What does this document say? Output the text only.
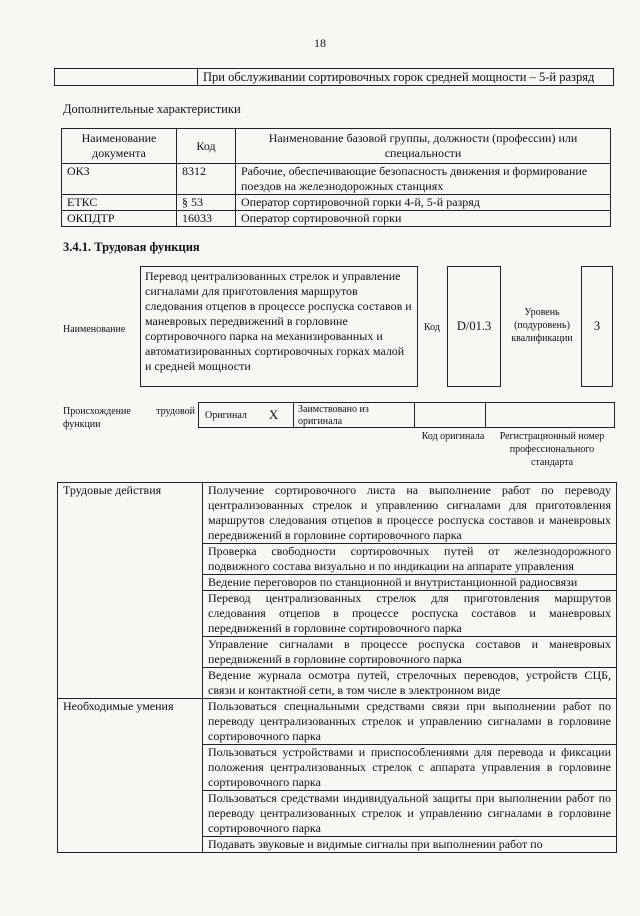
18
	При обслуживании сортировочных горок средней мощности – 5-й разряд
Дополнительные характеристики
Наименование документа	Код	Наименование базовой группы, должности (профессии) или специальности
ОКЗ	8312	Рабочие, обеспечивающие безопасность движения и формирование поездов на железнодорожных станциях
ЕТКС	§ 53	Оператор сортировочной горки 4-й, 5-й разряд
ОКПДТР	16033	Оператор сортировочной горки
3.4.1. Трудовая функция
Наименование
Перевод централизованных стрелок и управление сигналами для приготовления маршрутов следования отцепов в процессе роспуска составов и маневровых передвижений в горловине сортировочного парка на механизированных и автоматизированных сортировочных горках малой и средней мощности
Код	D/01.3
Уровень (подуровень) квалификации
3
Происхождение трудовой функции
Оригинал X	Заимствовано из оригинала
Код оригинала	Регистрационный номер профессионального стандарта
Трудовые действия	Получение сортировочного листа на выполнение работ по переводу централизованных стрелок и управлению сигналами для приготовления маршрутов следования отцепов в процессе роспуска составов и маневровых передвижений в горловине сортировочного парка
	Проверка свободности сортировочных путей от железнодорожного подвижного состава визуально и по индикации на аппарате управления
	Ведение переговоров по станционной и внутристанционной радиосвязи
	Перевод централизованных стрелок для приготовления маршрутов следования отцепов в процессе роспуска составов и маневровых передвижений в горловине сортировочного парка
	Управление сигналами в процессе роспуска составов и маневровых передвижений в горловине сортировочного парка
	Ведение журнала осмотра путей, стрелочных переводов, устройств СЦБ, связи и контактной сети, в том числе в электронном виде
Необходимые умения	Пользоваться специальными средствами связи при выполнении работ по переводу централизованных стрелок и управлению сигналами в горловине сортировочного парка
	Пользоваться устройствами и приспособлениями для перевода и фиксации положения централизованных стрелок с аппарата управления в горловине сортировочного парка
	Пользоваться средствами индивидуальной защиты при выполнении работ по переводу централизованных стрелок и управлению сигналами в горловине сортировочного парка
	Подавать звуковые и видимые сигналы при выполнении работ по
